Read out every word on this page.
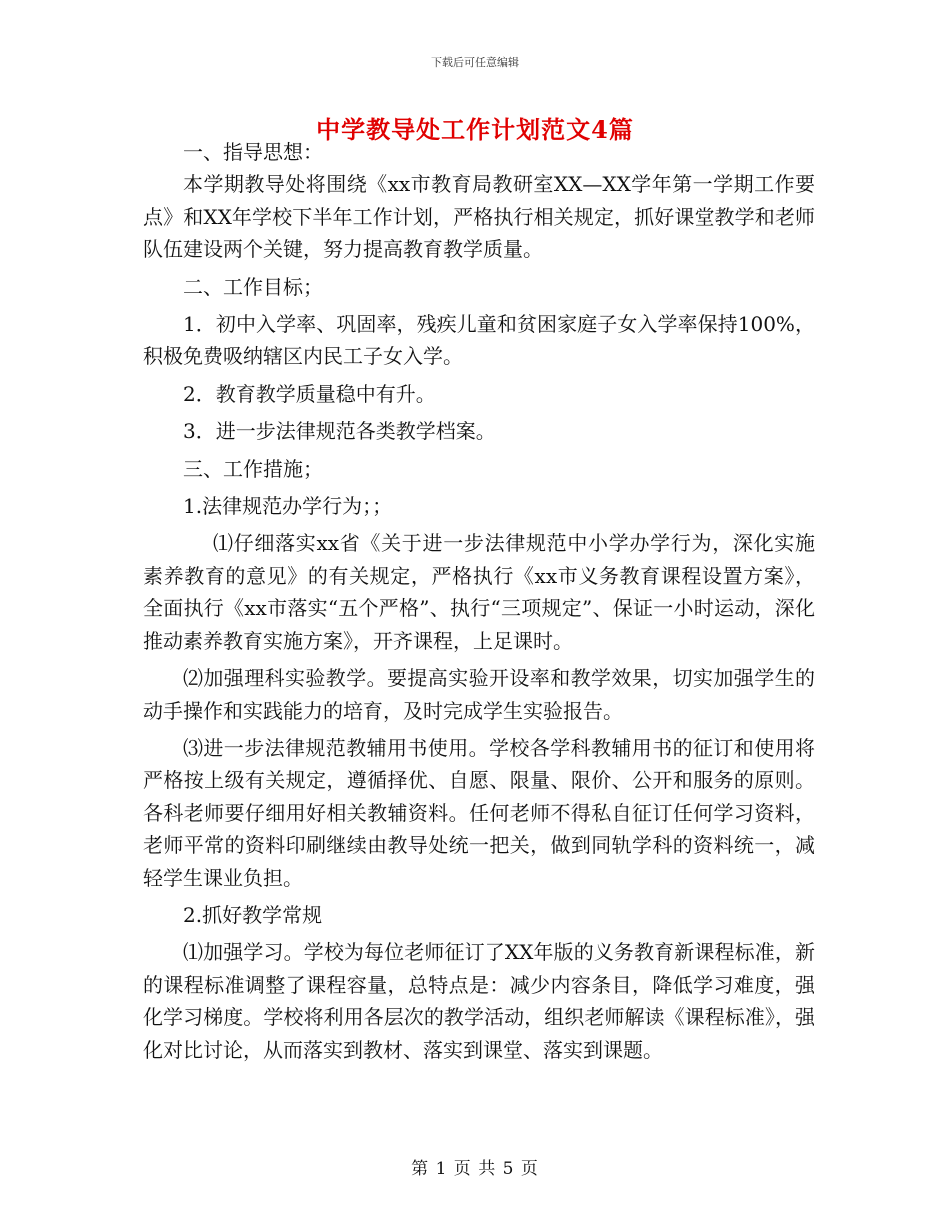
下载后可任意编辑
中学教导处工作计划范文4篇

一、指导思想：

本学期教导处将围绕《xx市教育局教研室XX—XX学年第一学期工作要点》和XX年学校下半年工作计划，严格执行相关规定，抓好课堂教学和老师队伍建设两个关键，努力提高教育教学质量。

二、工作目标；

1．初中入学率、巩固率，残疾儿童和贫困家庭子女入学率保持100%，积极免费吸纳辖区内民工子女入学。

2．教育教学质量稳中有升。

3．进一步法律规范各类教学档案。

三、工作措施；

1.法律规范办学行为；；

⑴仔细落实xx省《关于进一步法律规范中小学办学行为，深化实施素养教育的意见》的有关规定，严格执行《xx市义务教育课程设置方案》，全面执行《xx市落实“五个严格”、执行“三项规定”、保证一小时运动，深化推动素养教育实施方案》，开齐课程，上足课时。

⑵加强理科实验教学。要提高实验开设率和教学效果，切实加强学生的动手操作和实践能力的培育，及时完成学生实验报告。

⑶进一步法律规范教辅用书使用。学校各学科教辅用书的征订和使用将严格按上级有关规定，遵循择优、自愿、限量、限价、公开和服务的原则。各科老师要仔细用好相关教辅资料。任何老师不得私自征订任何学习资料，老师平常的资料印刷继续由教导处统一把关，做到同轨学科的资料统一，减轻学生课业负担。

2.抓好教学常规

⑴加强学习。学校为每位老师征订了XX年版的义务教育新课程标准，新的课程标准调整了课程容量，总特点是：减少内容条目，降低学习难度，强化学习梯度。学校将利用各层次的教学活动，组织老师解读《课程标准》，强化对比讨论，从而落实到教材、落实到课堂、落实到课题。

第 1 页 共 5 页
